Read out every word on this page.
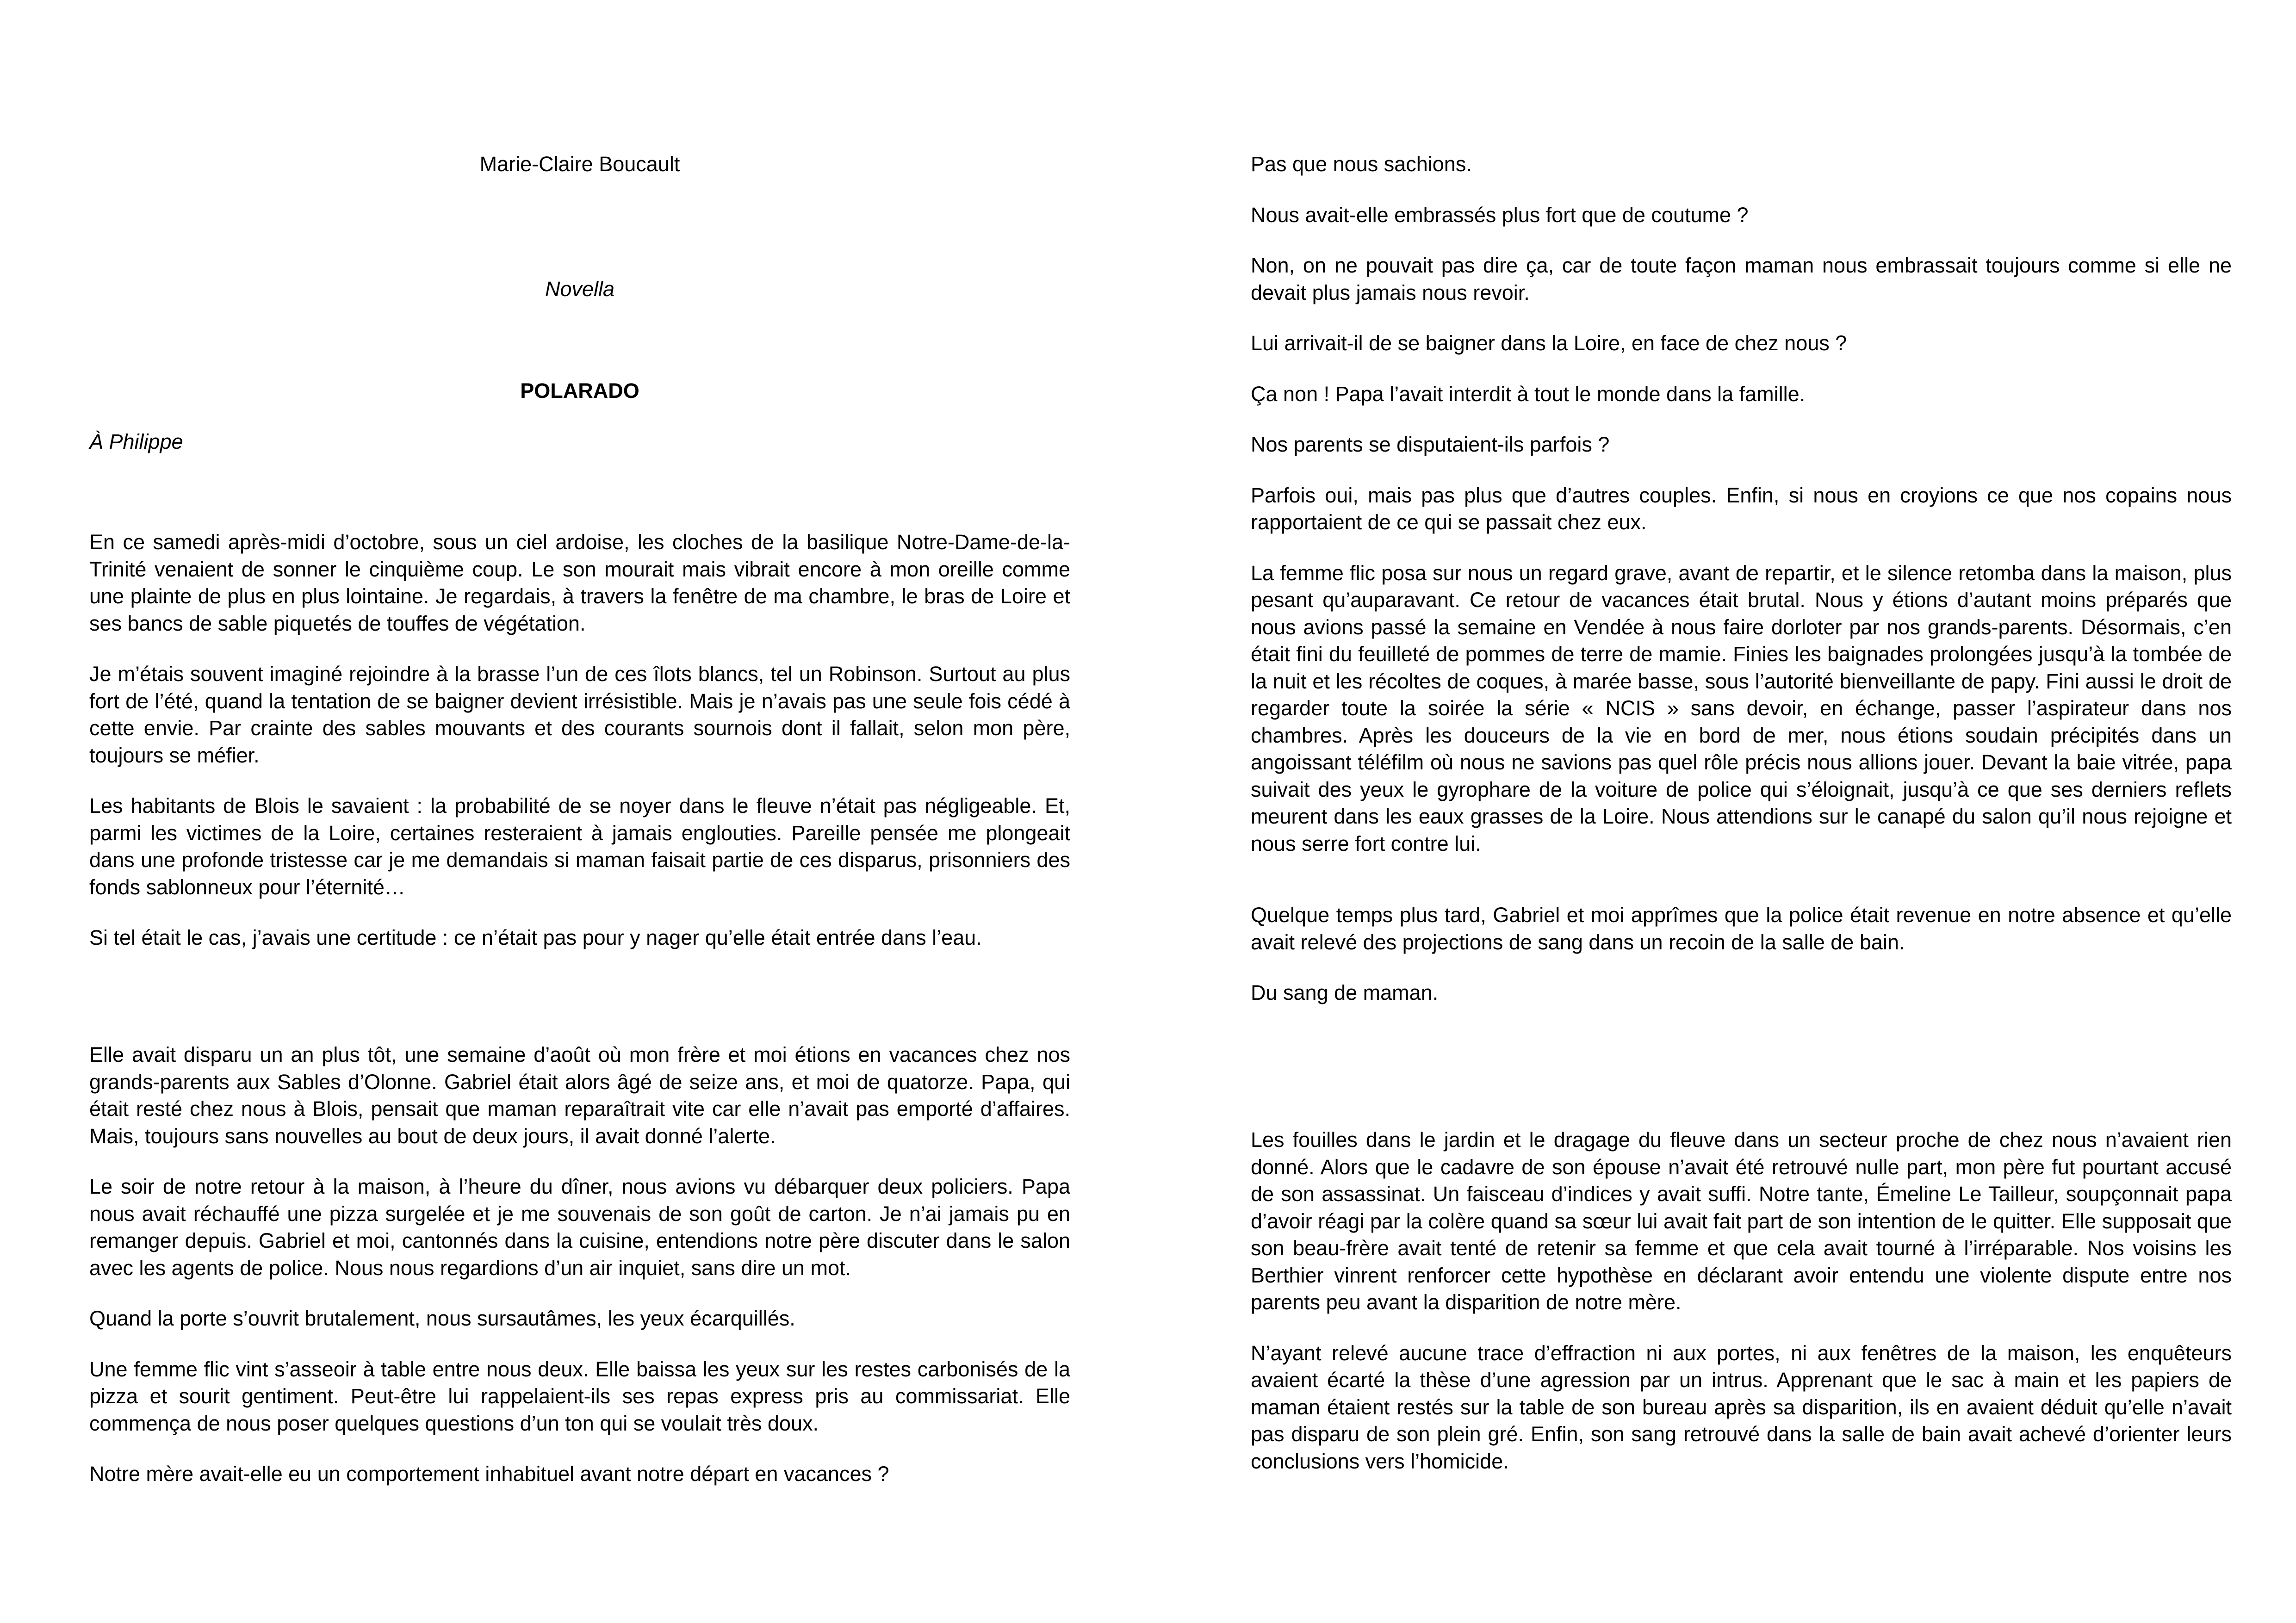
Marie-Claire Boucault

Novella

POLARADO

À Philippe

En ce samedi après-midi d’octobre, sous un ciel ardoise, les cloches de la basilique Notre-Dame-de-la-Trinité venaient de sonner le cinquième coup. Le son mourait mais vibrait encore à mon oreille comme une plainte de plus en plus lointaine. Je regardais, à travers la fenêtre de ma chambre, le bras de Loire et ses bancs de sable piquetés de touffes de végétation.

Je m’étais souvent imaginé rejoindre à la brasse l’un de ces îlots blancs, tel un Robinson. Surtout au plus fort de l’été, quand la tentation de se baigner devient irrésistible. Mais je n’avais pas une seule fois cédé à cette envie. Par crainte des sables mouvants et des courants sournois dont il fallait, selon mon père, toujours se méfier.

Les habitants de Blois le savaient : la probabilité de se noyer dans le fleuve n’était pas négligeable. Et, parmi les victimes de la Loire, certaines resteraient à jamais englouties. Pareille pensée me plongeait dans une profonde tristesse car je me demandais si maman faisait partie de ces disparus, prisonniers des fonds sablonneux pour l’éternité…

Si tel était le cas, j’avais une certitude : ce n’était pas pour y nager qu’elle était entrée dans l’eau.

Elle avait disparu un an plus tôt, une semaine d’août où mon frère et moi étions en vacances chez nos grands-parents aux Sables d’Olonne. Gabriel était alors âgé de seize ans, et moi de quatorze. Papa, qui était resté chez nous à Blois, pensait que maman reparaîtrait vite car elle n’avait pas emporté d’affaires. Mais, toujours sans nouvelles au bout de deux jours, il avait donné l’alerte.

Le soir de notre retour à la maison, à l’heure du dîner, nous avions vu débarquer deux policiers. Papa nous avait réchauffé une pizza surgelée et je me souvenais de son goût de carton. Je n’ai jamais pu en remanger depuis. Gabriel et moi, cantonnés dans la cuisine, entendions notre père discuter dans le salon avec les agents de police. Nous nous regardions d’un air inquiet, sans dire un mot.

Quand la porte s’ouvrit brutalement, nous sursautâmes, les yeux écarquillés.

Une femme flic vint s’asseoir à table entre nous deux. Elle baissa les yeux sur les restes carbonisés de la pizza et sourit gentiment. Peut-être lui rappelaient-ils ses repas express pris au commissariat. Elle commença de nous poser quelques questions d’un ton qui se voulait très doux.

Notre mère avait-elle eu un comportement inhabituel avant notre départ en vacances ?

Pas que nous sachions.

Nous avait-elle embrassés plus fort que de coutume ?

Non, on ne pouvait pas dire ça, car de toute façon maman nous embrassait toujours comme si elle ne devait plus jamais nous revoir.

Lui arrivait-il de se baigner dans la Loire, en face de chez nous ?

Ça non ! Papa l’avait interdit à tout le monde dans la famille.

Nos parents se disputaient-ils parfois ?

Parfois oui, mais pas plus que d’autres couples. Enfin, si nous en croyions ce que nos copains nous rapportaient de ce qui se passait chez eux.

La femme flic posa sur nous un regard grave, avant de repartir, et le silence retomba dans la maison, plus pesant qu’auparavant. Ce retour de vacances était brutal. Nous y étions d’autant moins préparés que nous avions passé la semaine en Vendée à nous faire dorloter par nos grands-parents. Désormais, c’en était fini du feuilleté de pommes de terre de mamie. Finies les baignades prolongées jusqu’à la tombée de la nuit et les récoltes de coques, à marée basse, sous l’autorité bienveillante de papy. Fini aussi le droit de regarder toute la soirée la série « NCIS » sans devoir, en échange, passer l’aspirateur dans nos chambres. Après les douceurs de la vie en bord de mer, nous étions soudain précipités dans un angoissant téléfilm où nous ne savions pas quel rôle précis nous allions jouer. Devant la baie vitrée, papa suivait des yeux le gyrophare de la voiture de police qui s’éloignait, jusqu’à ce que ses derniers reflets meurent dans les eaux grasses de la Loire. Nous attendions sur le canapé du salon qu’il nous rejoigne et nous serre fort contre lui.

Quelque temps plus tard, Gabriel et moi apprîmes que la police était revenue en notre absence et qu’elle avait relevé des projections de sang dans un recoin de la salle de bain.

Du sang de maman.

Les fouilles dans le jardin et le dragage du fleuve dans un secteur proche de chez nous n’avaient rien donné. Alors que le cadavre de son épouse n’avait été retrouvé nulle part, mon père fut pourtant accusé de son assassinat. Un faisceau d’indices y avait suffi. Notre tante, Émeline Le Tailleur, soupçonnait papa d’avoir réagi par la colère quand sa sœur lui avait fait part de son intention de le quitter. Elle supposait que son beau-frère avait tenté de retenir sa femme et que cela avait tourné à l’irréparable. Nos voisins les Berthier vinrent renforcer cette hypothèse en déclarant avoir entendu une violente dispute entre nos parents peu avant la disparition de notre mère.

N’ayant relevé aucune trace d’effraction ni aux portes, ni aux fenêtres de la maison, les enquêteurs avaient écarté la thèse d’une agression par un intrus. Apprenant que le sac à main et les papiers de maman étaient restés sur la table de son bureau après sa disparition, ils en avaient déduit qu’elle n’avait pas disparu de son plein gré. Enfin, son sang retrouvé dans la salle de bain avait achevé d’orienter leurs conclusions vers l’homicide.
